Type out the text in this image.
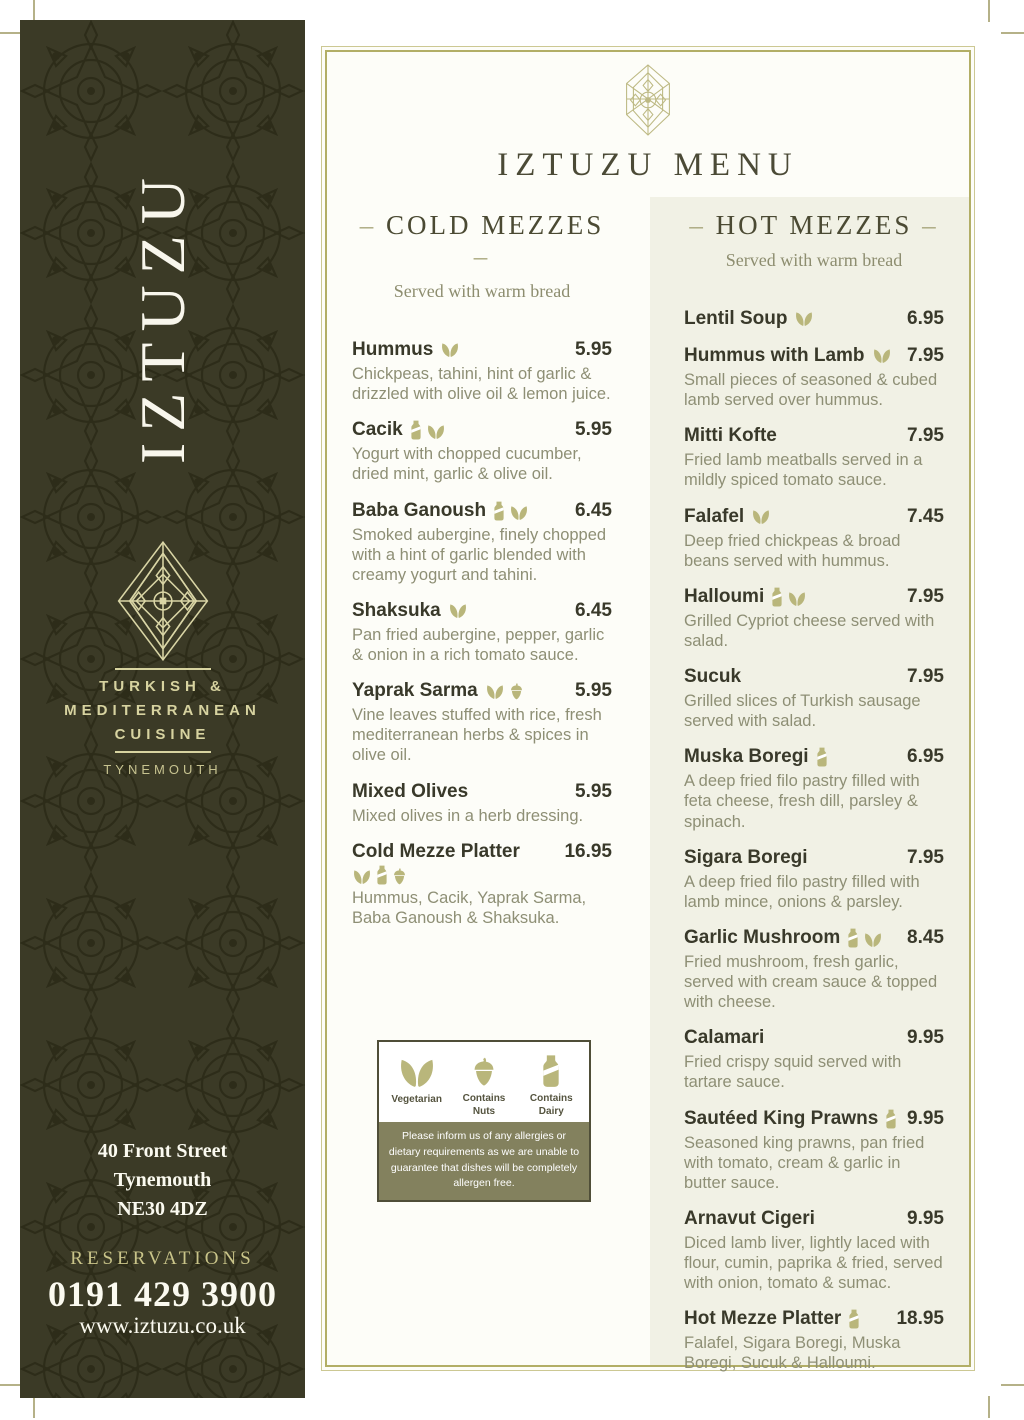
IZTUZU
TURKISH &
MEDITERRANEAN
CUISINE
TYNEMOUTH
40 Front Street
Tynemouth
NE30 4DZ
RESERVATIONS
0191 429 3900
www.iztuzu.co.uk
IZTUZU MENU
– COLD MEZZES –
Served with warm bread
Hummus	5.95
Chickpeas, tahini, hint of garlic & drizzled with olive oil & lemon juice.
Cacik	5.95
Yogurt with chopped cucumber, dried mint, garlic & olive oil.
Baba Ganoush	6.45
Smoked aubergine, finely chopped with a hint of garlic blended with creamy yogurt and tahini.
Shaksuka	6.45
Pan fried aubergine, pepper, garlic & onion in a rich tomato sauce.
Yaprak Sarma	5.95
Vine leaves stuffed with rice, fresh mediterranean herbs & spices in olive oil.
Mixed Olives	5.95
Mixed olives in a herb dressing.
Cold Mezze Platter 16.95
Hummus, Cacik, Yaprak Sarma, Baba Ganoush & Shaksuka.
– HOT MEZZES –
Served with warm bread
Lentil Soup	6.95
Hummus with Lamb 7.95
Small pieces of seasoned & cubed lamb served over hummus.
Mitti Kofte	7.95
Fried lamb meatballs served in a mildly spiced tomato sauce.
Falafel	7.45
Deep fried chickpeas & broad beans served with hummus.
Halloumi	7.95
Grilled Cypriot cheese served with salad.
Sucuk	7.95
Grilled slices of Turkish sausage served with salad.
Muska Boregi	6.95
A deep fried filo pastry filled with feta cheese, fresh dill, parsley & spinach.
Sigara Boregi	7.95
A deep fried filo pastry filled with lamb mince, onions & parsley.
Garlic Mushroom	8.45
Fried mushroom, fresh garlic, served with cream sauce & topped with cheese.
Calamari	9.95
Fried crispy squid served with tartare sauce.
Sautéed King Prawns 9.95
Seasoned king prawns, pan fried with tomato, cream & garlic in butter sauce.
Arnavut Cigeri	9.95
Diced lamb liver, lightly laced with flour, cumin, paprika & fried, served with onion, tomato & sumac.
Hot Mezze Platter	18.95
Falafel, Sigara Boregi, Muska Boregi, Sucuk & Halloumi.
Vegetarian	Contains Nuts
Contains Dairy
Please inform us of any allergies or dietary requirements as we are unable to guarantee that dishes will be completely allergen free.
